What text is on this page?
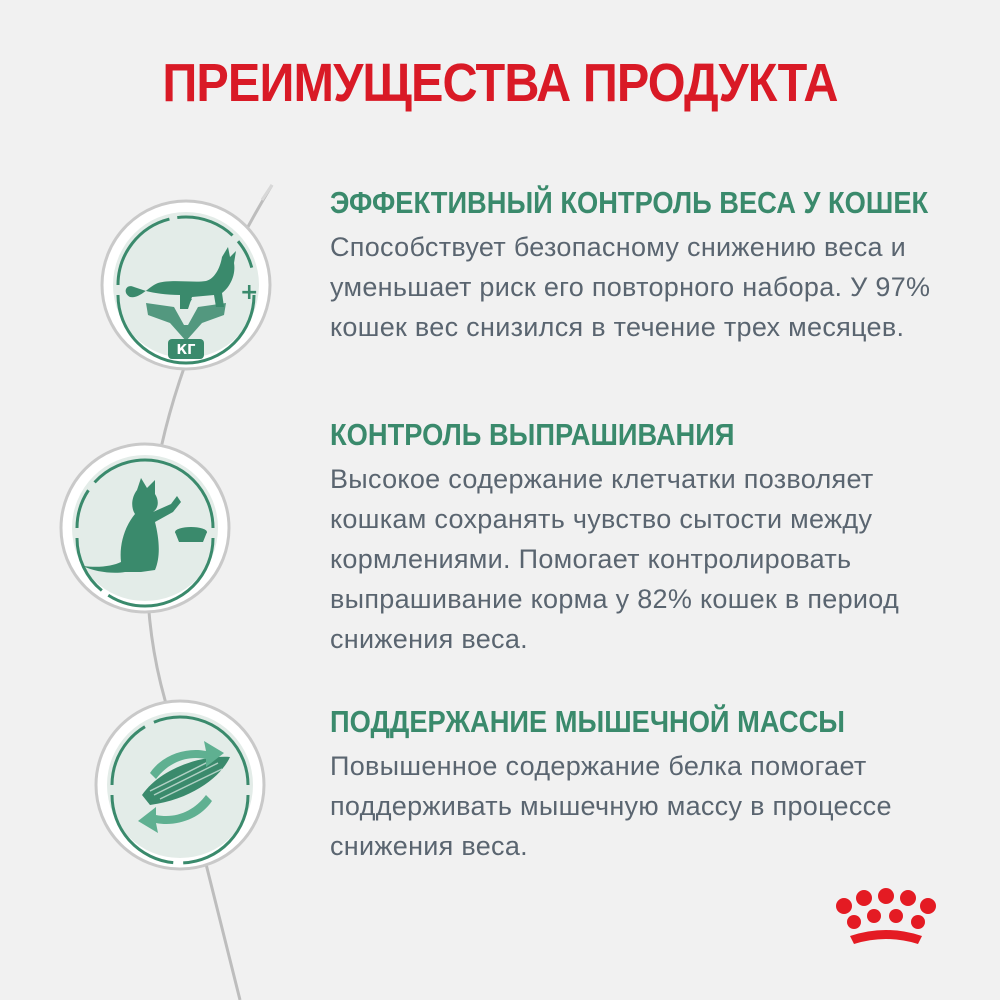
ПРЕИМУЩЕСТВА ПРОДУКТА
−	+
КГ
ЭФФЕКТИВНЫЙ КОНТРОЛЬ ВЕСА У КОШЕК

Способствует безопасному снижению веса и уменьшает риск его повторного набора. У 97% кошек вес снизился в течение трех месяцев.

КОНТРОЛЬ ВЫПРАШИВАНИЯ

Высокое содержание клетчатки позволяет кошкам сохранять чувство сытости между кормлениями. Помогает контролировать выпрашивание корма у 82% кошек в период снижения веса.

ПОДДЕРЖАНИЕ МЫШЕЧНОЙ МАССЫ

Повышенное содержание белка помогает поддерживать мышечную массу в процессе снижения веса.
